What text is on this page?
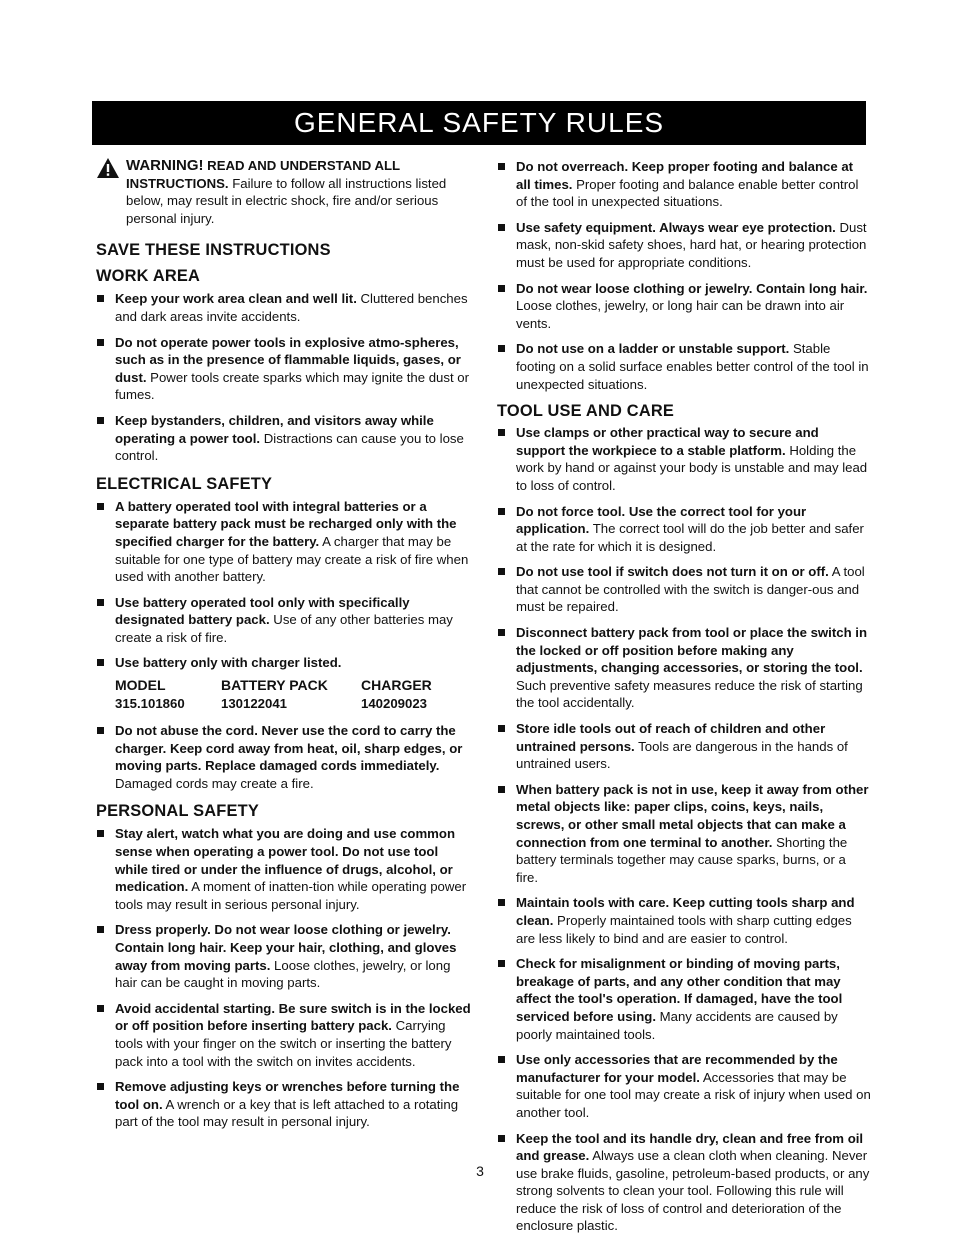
GENERAL SAFETY RULES
WARNING! READ AND UNDERSTAND ALL INSTRUCTIONS. Failure to follow all instructions listed below, may result in electric shock, fire and/or serious personal injury.
SAVE THESE INSTRUCTIONS
WORK AREA
Keep your work area clean and well lit. Cluttered benches and dark areas invite accidents.
Do not operate power tools in explosive atmo-spheres, such as in the presence of flammable liquids, gases, or dust. Power tools create sparks which may ignite the dust or fumes.
Keep bystanders, children, and visitors away while operating a power tool. Distractions can cause you to lose control.
ELECTRICAL SAFETY
A battery operated tool with integral batteries or a separate battery pack must be recharged only with the specified charger for the battery. A charger that may be suitable for one type of battery may create a risk of fire when used with another battery.
Use battery operated tool only with specifically designated battery pack. Use of any other batteries may create a risk of fire.
Use battery only with charger listed.
MODEL	BATTERY PACK	CHARGER
315.101860	130122041	140209023
Do not abuse the cord. Never use the cord to carry the charger. Keep cord away from heat, oil, sharp edges, or moving parts. Replace damaged cords immediately. Damaged cords may create a fire.
PERSONAL SAFETY
Stay alert, watch what you are doing and use common sense when operating a power tool. Do not use tool while tired or under the influence of drugs, alcohol, or medication. A moment of inatten-tion while operating power tools may result in serious personal injury.
Dress properly. Do not wear loose clothing or jewelry. Contain long hair. Keep your hair, clothing, and gloves away from moving parts. Loose clothes, jewelry, or long hair can be caught in moving parts.
Avoid accidental starting. Be sure switch is in the locked or off position before inserting battery pack. Carrying tools with your finger on the switch or inserting the battery pack into a tool with the switch on invites accidents.
Remove adjusting keys or wrenches before turning the tool on. A wrench or a key that is left attached to a rotating part of the tool may result in personal injury.
Do not overreach. Keep proper footing and balance at all times. Proper footing and balance enable better control of the tool in unexpected situations.
Use safety equipment. Always wear eye protection. Dust mask, non-skid safety shoes, hard hat, or hearing protection must be used for appropriate conditions.
Do not wear loose clothing or jewelry. Contain long hair. Loose clothes, jewelry, or long hair can be drawn into air vents.
Do not use on a ladder or unstable support. Stable footing on a solid surface enables better control of the tool in unexpected situations.
TOOL USE AND CARE
Use clamps or other practical way to secure and support the workpiece to a stable platform. Holding the work by hand or against your body is unstable and may lead to loss of control.
Do not force tool. Use the correct tool for your application. The correct tool will do the job better and safer at the rate for which it is designed.
Do not use tool if switch does not turn it on or off. A tool that cannot be controlled with the switch is danger-ous and must be repaired.
Disconnect battery pack from tool or place the switch in the locked or off position before making any adjustments, changing accessories, or storing the tool. Such preventive safety measures reduce the risk of starting the tool accidentally.
Store idle tools out of reach of children and other untrained persons. Tools are dangerous in the hands of untrained users.
When battery pack is not in use, keep it away from other metal objects like: paper clips, coins, keys, nails, screws, or other small metal objects that can make a connection from one terminal to another. Shorting the battery terminals together may cause sparks, burns, or a fire.
Maintain tools with care. Keep cutting tools sharp and clean. Properly maintained tools with sharp cutting edges are less likely to bind and are easier to control.
Check for misalignment or binding of moving parts, breakage of parts, and any other condition that may affect the tool's operation. If damaged, have the tool serviced before using. Many accidents are caused by poorly maintained tools.
Use only accessories that are recommended by the manufacturer for your model. Accessories that may be suitable for one tool may create a risk of injury when used on another tool.
Keep the tool and its handle dry, clean and free from oil and grease. Always use a clean cloth when cleaning. Never use brake fluids, gasoline, petroleum-based products, or any strong solvents to clean your tool. Following this rule will reduce the risk of loss of control and deterioration of the enclosure plastic.
3
